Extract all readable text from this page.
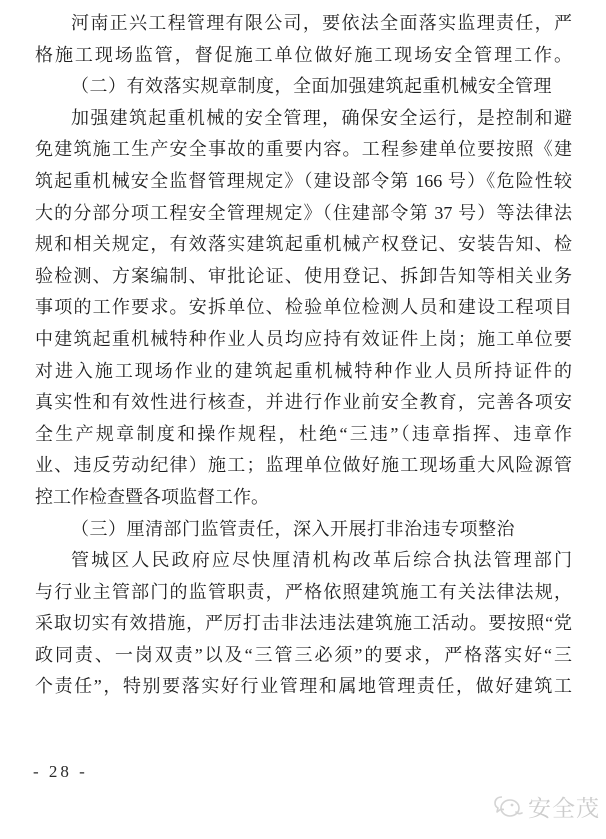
河南正兴工程管理有限公司，要依法全面落实监理责任，严
格施工现场监管，督促施工单位做好施工现场安全管理工作。
（二）有效落实规章制度，全面加强建筑起重机械安全管理
加强建筑起重机械的安全管理，确保安全运行，是控制和避
免建筑施工生产安全事故的重要内容。工程参建单位要按照《建
筑起重机械安全监督管理规定》（建设部令第 166 号）《危险性较
大的分部分项工程安全管理规定》（住建部令第 37 号）等法律法
规和相关规定，有效落实建筑起重机械产权登记、安装告知、检
验检测、方案编制、审批论证、使用登记、拆卸告知等相关业务
事项的工作要求。安拆单位、检验单位检测人员和建设工程项目
中建筑起重机械特种作业人员均应持有效证件上岗；施工单位要
对进入施工现场作业的建筑起重机械特种作业人员所持证件的
真实性和有效性进行核查，并进行作业前安全教育，完善各项安
全生产规章制度和操作规程，杜绝“三违”（违章指挥、违章作
业、违反劳动纪律）施工；监理单位做好施工现场重大风险源管
控工作检查暨各项监督工作。
（三）厘清部门监管责任，深入开展打非治违专项整治
管城区人民政府应尽快厘清机构改革后综合执法管理部门
与行业主管部门的监管职责，严格依照建筑施工有关法律法规，
采取切实有效措施，严厉打击非法违法建筑施工活动。要按照“党
政同责、一岗双责”以及“三管三必须”的要求，严格落实好“三
个责任”，特别要落实好行业管理和属地管理责任，做好建筑工
- 28 -
安全茂
